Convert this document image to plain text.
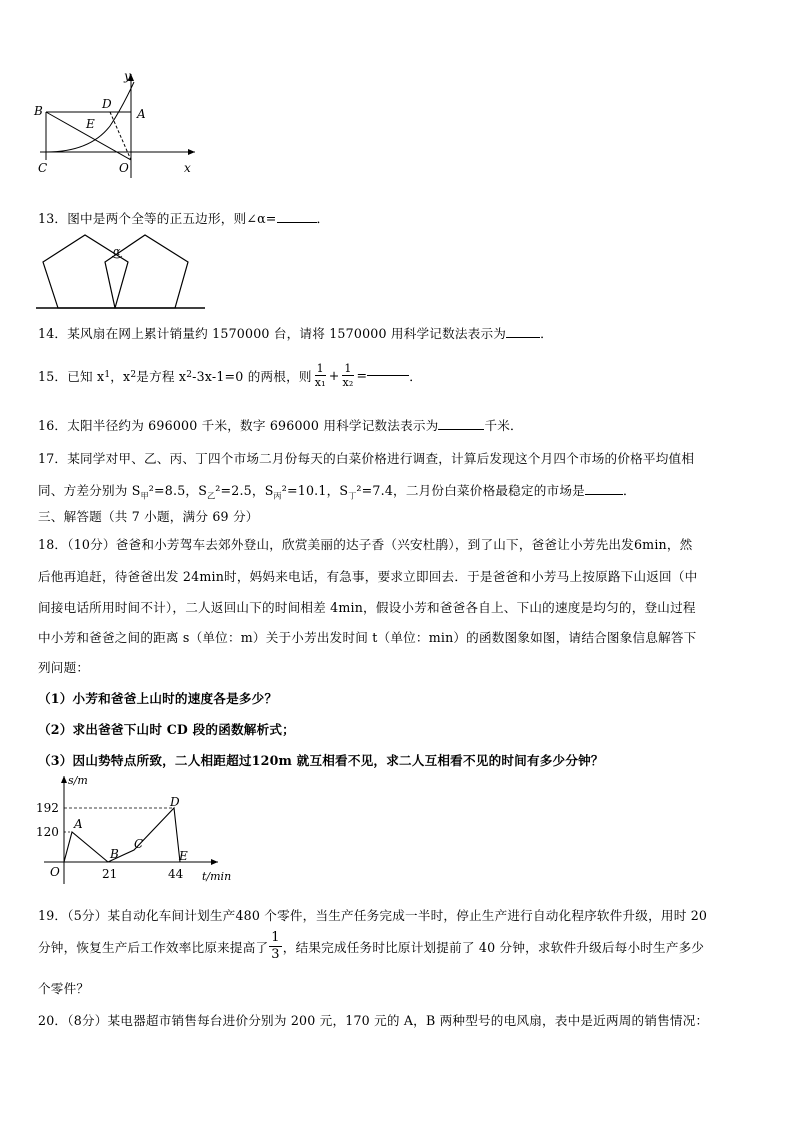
B	D
A
E
C	O	x
y
13．图中是两个全等的正五边形，则∠α=	．
α
14．某风扇在网上累计销量约 1570000 台，请将 1570000 用科学记数法表示为	．
15．已知 x 1 ，x 2 是方程 x 2 -3x-1=0 的两根，则 $\frac{1}{\text{x₁}} + \frac{1}{\text{x₂}}$ =	．
16．太阳半径约为 696000 千米，数字 696000 用科学记数法表示为	千米．
17．某同学对甲、乙、丙、丁四个市场二月份每天的白菜价格进行调查，计算后发现这个月四个市场的价格平均值相
同、方差分别为 $S_甲^2=8.5$，$S_乙^2=2.5$，$S_丙^2=10.1$，$S_丁^2=7.4$，二月份白菜价格最稳定的市场是	．
三、解答题（共 7 小题，满分 69 分）
18．（10分）爸爸和小芳驾车去郊外登山，欣赏美丽的达子香（兴安杜鹃），到了山下，爸爸让小芳先出发6min，然
后他再追赶，待爸爸出发 24min时，妈妈来电话，有急事，要求立即回去．于是爸爸和小芳马上按原路下山返回（中
间接电话所用时间不计），二人返回山下的时间相差 4min，假设小芳和爸爸各自上、下山的速度是均匀的，登山过程
中小芳和爸爸之间的距离 s（单位：m）关于小芳出发时间 t（单位：min）的函数图象如图，请结合图象信息解答下
列问题：
（1）小芳和爸爸上山时的速度各是多少？
（2）求出爸爸下山时 CD 段的函数解析式；
（3）因山势特点所致，二人相距超过120m 就互相看不见，求二人互相看不见的时间有多少分钟？
s/m
t/min
192
120
21	44
O
A
B
C
D
E
19．（5分）某自动化车间计划生产480 个零件，当生产任务完成一半时，停止生产进行自动化程序软件升级，用时 20
分钟，恢复生产后工作效率比原来提高了 $\frac{1}{3}$ ，结果完成任务时比原计划提前了 40 分钟，求软件升级后每小时生产多少
个零件？
20．（8分）某电器超市销售每台进价分别为 200 元，170 元的 A，B 两种型号的电风扇，表中是近两周的销售情况：
